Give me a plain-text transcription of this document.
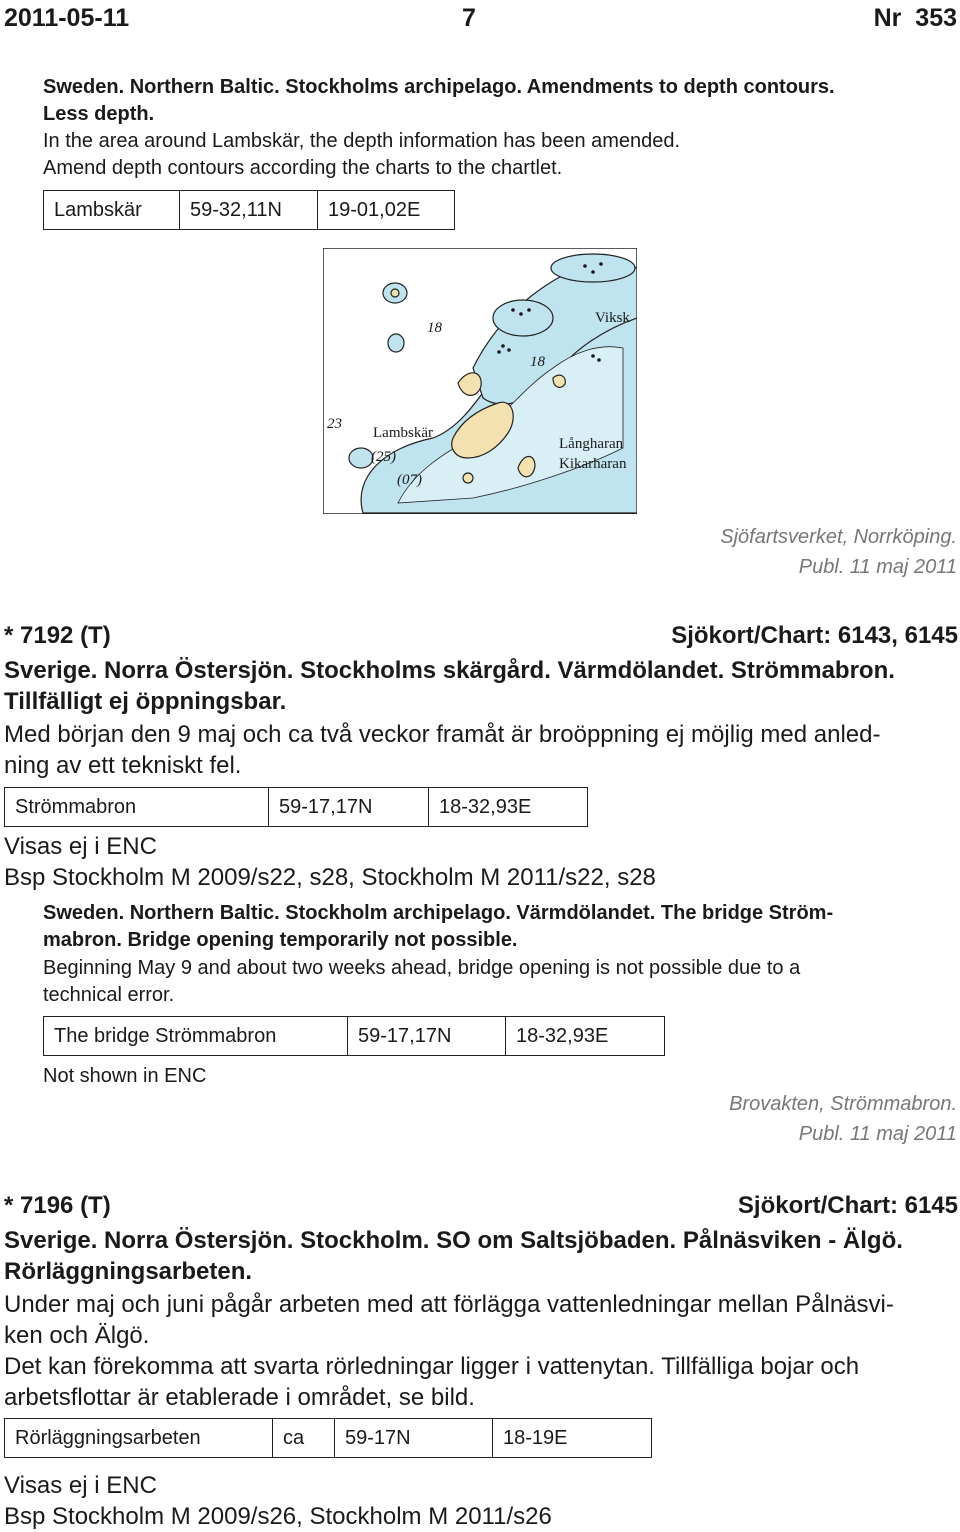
2011-05-11	7	Nr  353
Sweden. Northern Baltic. Stockholms archipelago. Amendments to depth contours.
Less depth.
In the area around Lambskär, the depth information has been amended.
Amend depth contours according the charts to the chartlet.
Lambskär	59-32,11N	19-01,02E
18
18
23
Lambskär
(25)
(07)
Viksk
Långharan
Kikarharan
Sjöfartsverket, Norrköping.
Publ. 11 maj 2011
* 7192 (T)	Sjökort/Chart: 6143, 6145
Sverige. Norra Östersjön. Stockholms skärgård. Värmdölandet. Strömmabron.
Tillfälligt ej öppningsbar.
Med början den 9 maj och ca två veckor framåt är broöppning ej möjlig med anled-
ning av ett tekniskt fel.
Strömmabron	59-17,17N	18-32,93E
Visas ej i ENC
Bsp Stockholm M 2009/s22, s28, Stockholm M 2011/s22, s28
Sweden. Northern Baltic. Stockholm archipelago. Värmdölandet. The bridge Ström-
mabron. Bridge opening temporarily not possible.
Beginning May 9 and about two weeks ahead, bridge opening is not possible due to a
technical error.
The bridge Strömmabron	59-17,17N	18-32,93E
Not shown in ENC
Brovakten, Strömmabron.
Publ. 11 maj 2011
* 7196 (T)	Sjökort/Chart: 6145
Sverige. Norra Östersjön. Stockholm. SO om Saltsjöbaden. Pålnäsviken - Älgö.
Rörläggningsarbeten.
Under maj och juni pågår arbeten med att förlägga vattenledningar mellan Pålnäsvi-
ken och Älgö.
Det kan förekomma att svarta rörledningar ligger i vattenytan. Tillfälliga bojar och
arbetsflottar är etablerade i området, se bild.
Rörläggningsarbeten	ca	59-17N	18-19E
Visas ej i ENC
Bsp Stockholm M 2009/s26, Stockholm M 2011/s26
